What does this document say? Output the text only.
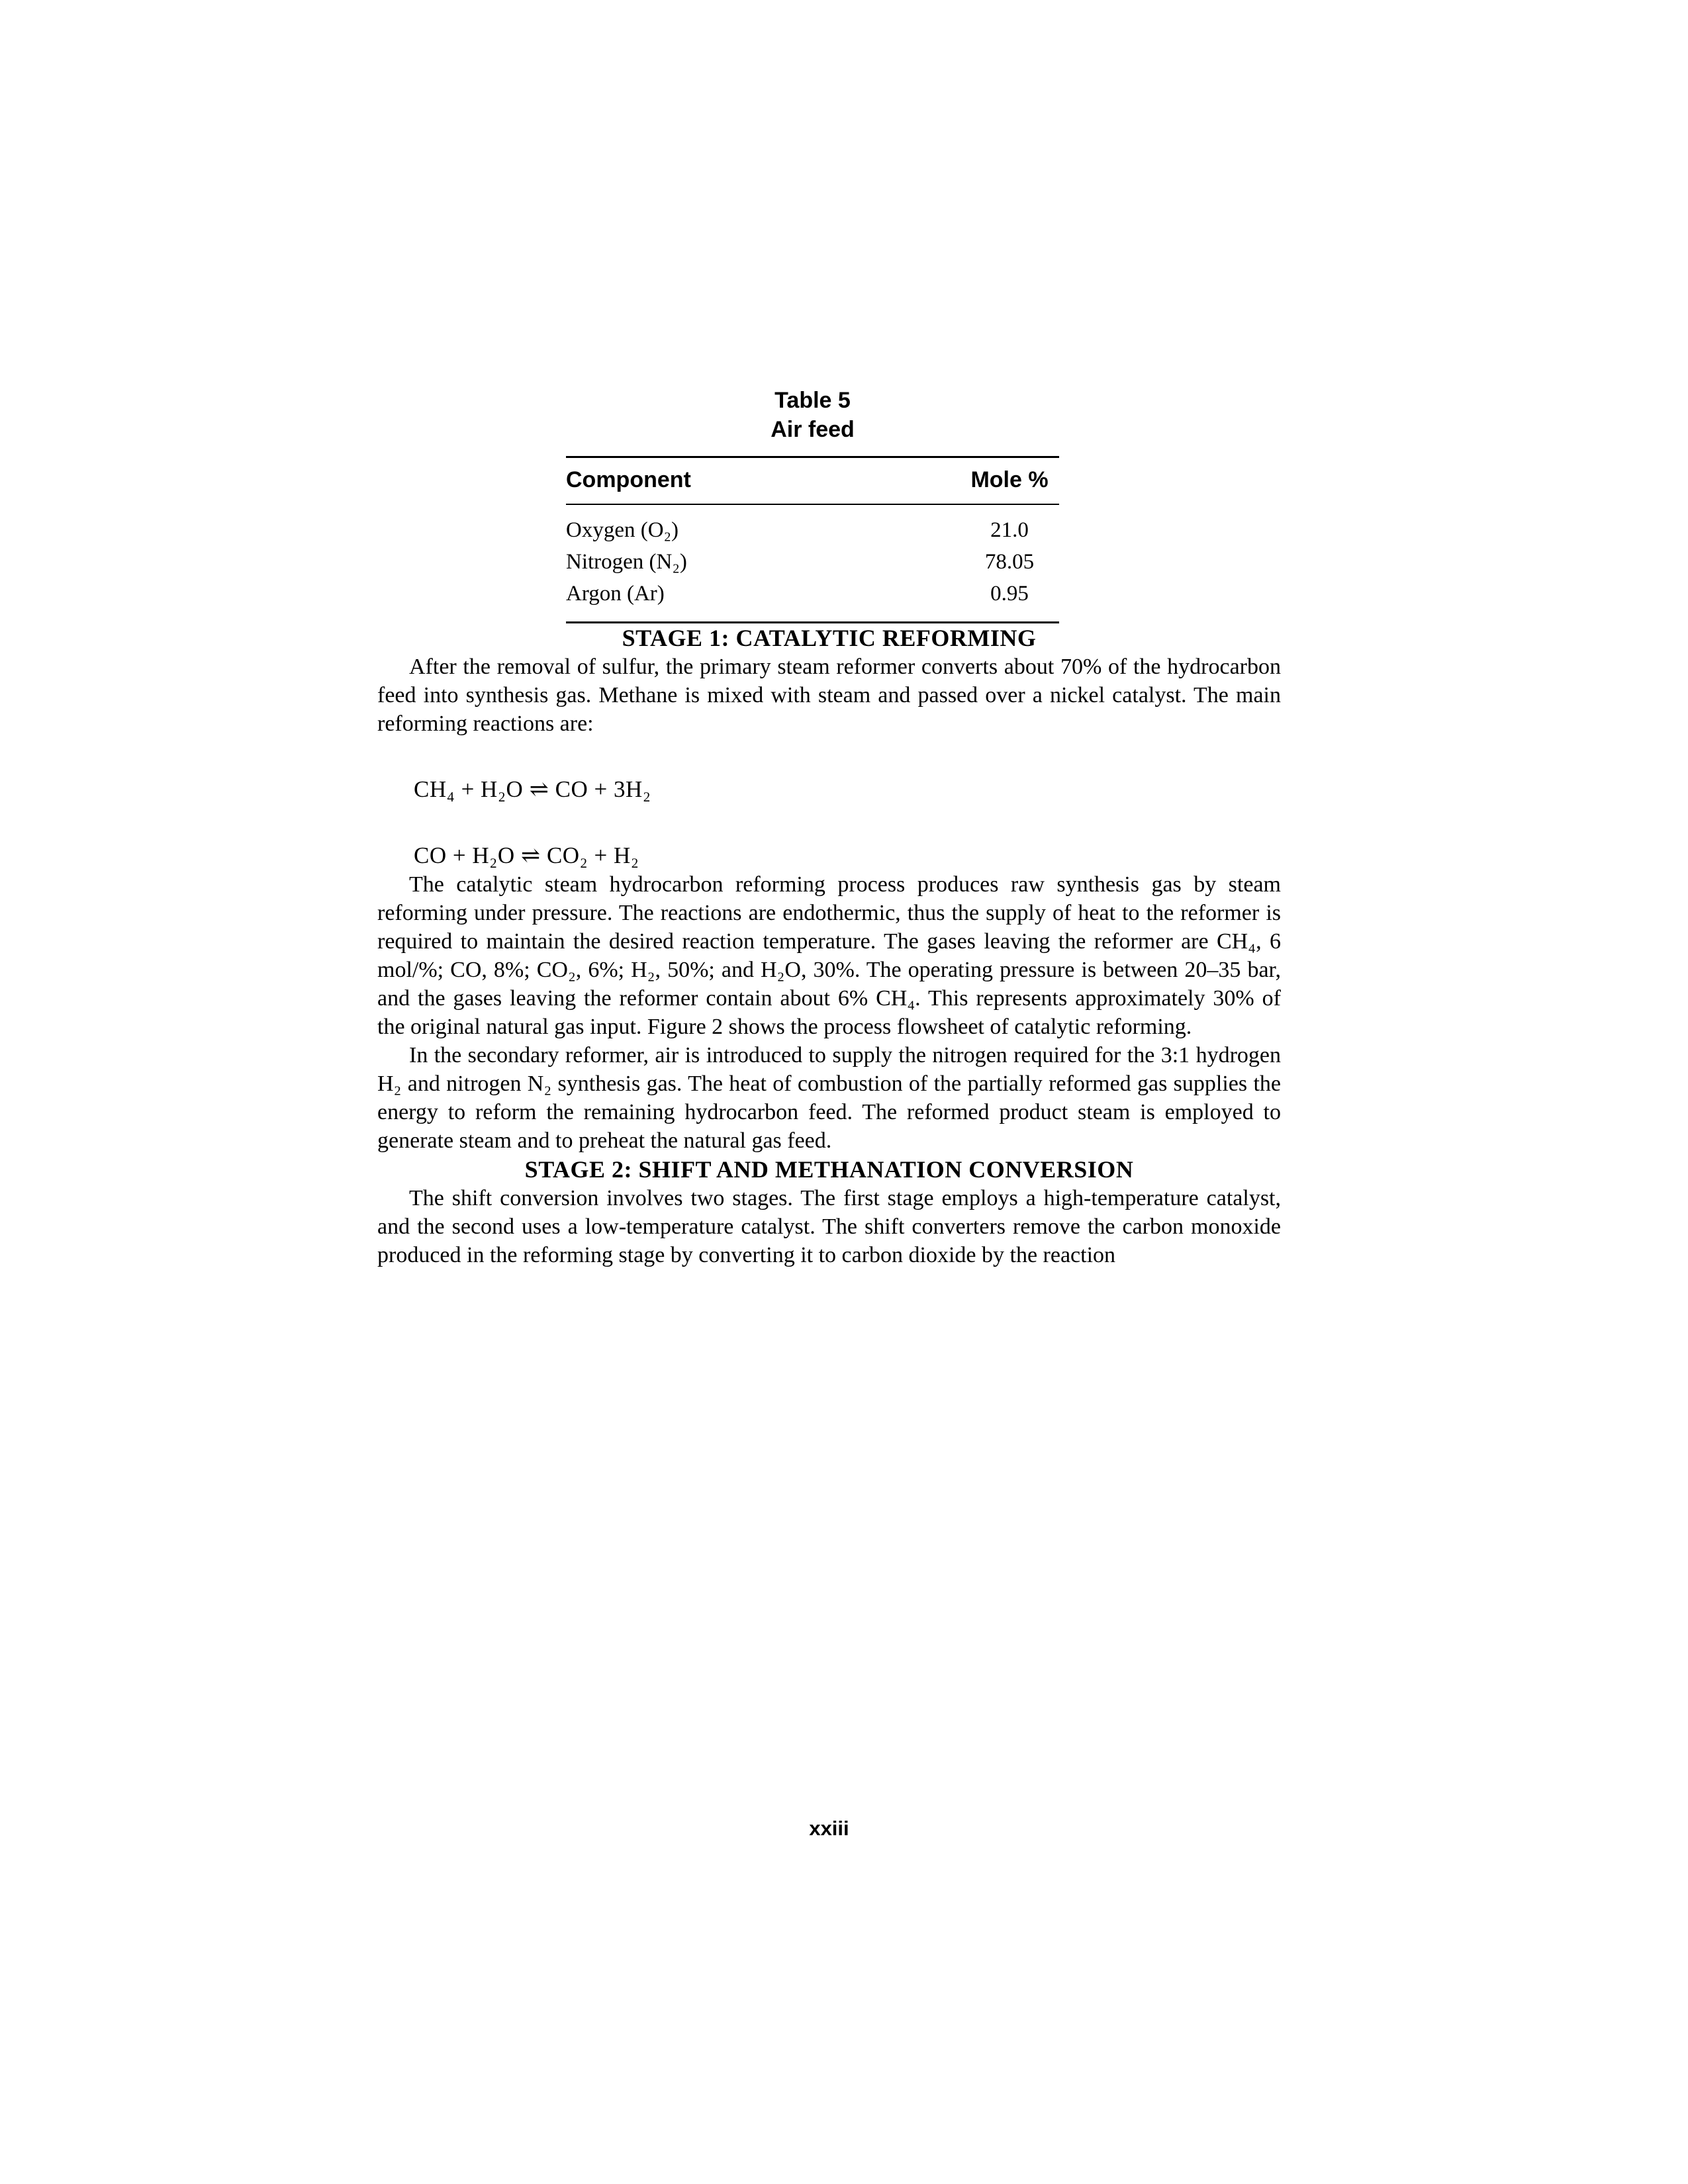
Table 5
Air feed
Component	Mole %
Oxygen (O₂)	21.0
Nitrogen (N₂)	78.05
Argon (Ar)	0.95
STAGE 1: CATALYTIC REFORMING

After the removal of sulfur, the primary steam reformer converts about 70% of the hydrocarbon feed into synthesis gas. Methane is mixed with steam and passed over a nickel catalyst. The main reforming reactions are:

CH₄ + H₂O ⇌ CO + 3H₂
CO + H₂O ⇌ CO₂ + H₂

The catalytic steam hydrocarbon reforming process produces raw synthesis gas by steam reforming under pressure. The reactions are endothermic, thus the supply of heat to the reformer is required to maintain the desired reaction temperature. The gases leaving the reformer are CH₄, 6 mol/%; CO, 8%; CO₂, 6%; H₂, 50%; and H₂O, 30%. The operating pressure is between 20–35 bar, and the gases leaving the reformer contain about 6% CH₄. This represents approximately 30% of the original natural gas input. Figure 2 shows the process flowsheet of catalytic reforming.

In the secondary reformer, air is introduced to supply the nitrogen required for the 3:1 hydrogen H₂ and nitrogen N₂ synthesis gas. The heat of combustion of the partially reformed gas supplies the energy to reform the remaining hydrocarbon feed. The reformed product steam is employed to generate steam and to preheat the natural gas feed.

STAGE 2: SHIFT AND METHANATION CONVERSION

The shift conversion involves two stages. The first stage employs a high-temperature catalyst, and the second uses a low-temperature catalyst. The shift converters remove the carbon monoxide produced in the reforming stage by converting it to carbon dioxide by the reaction

xxiii
